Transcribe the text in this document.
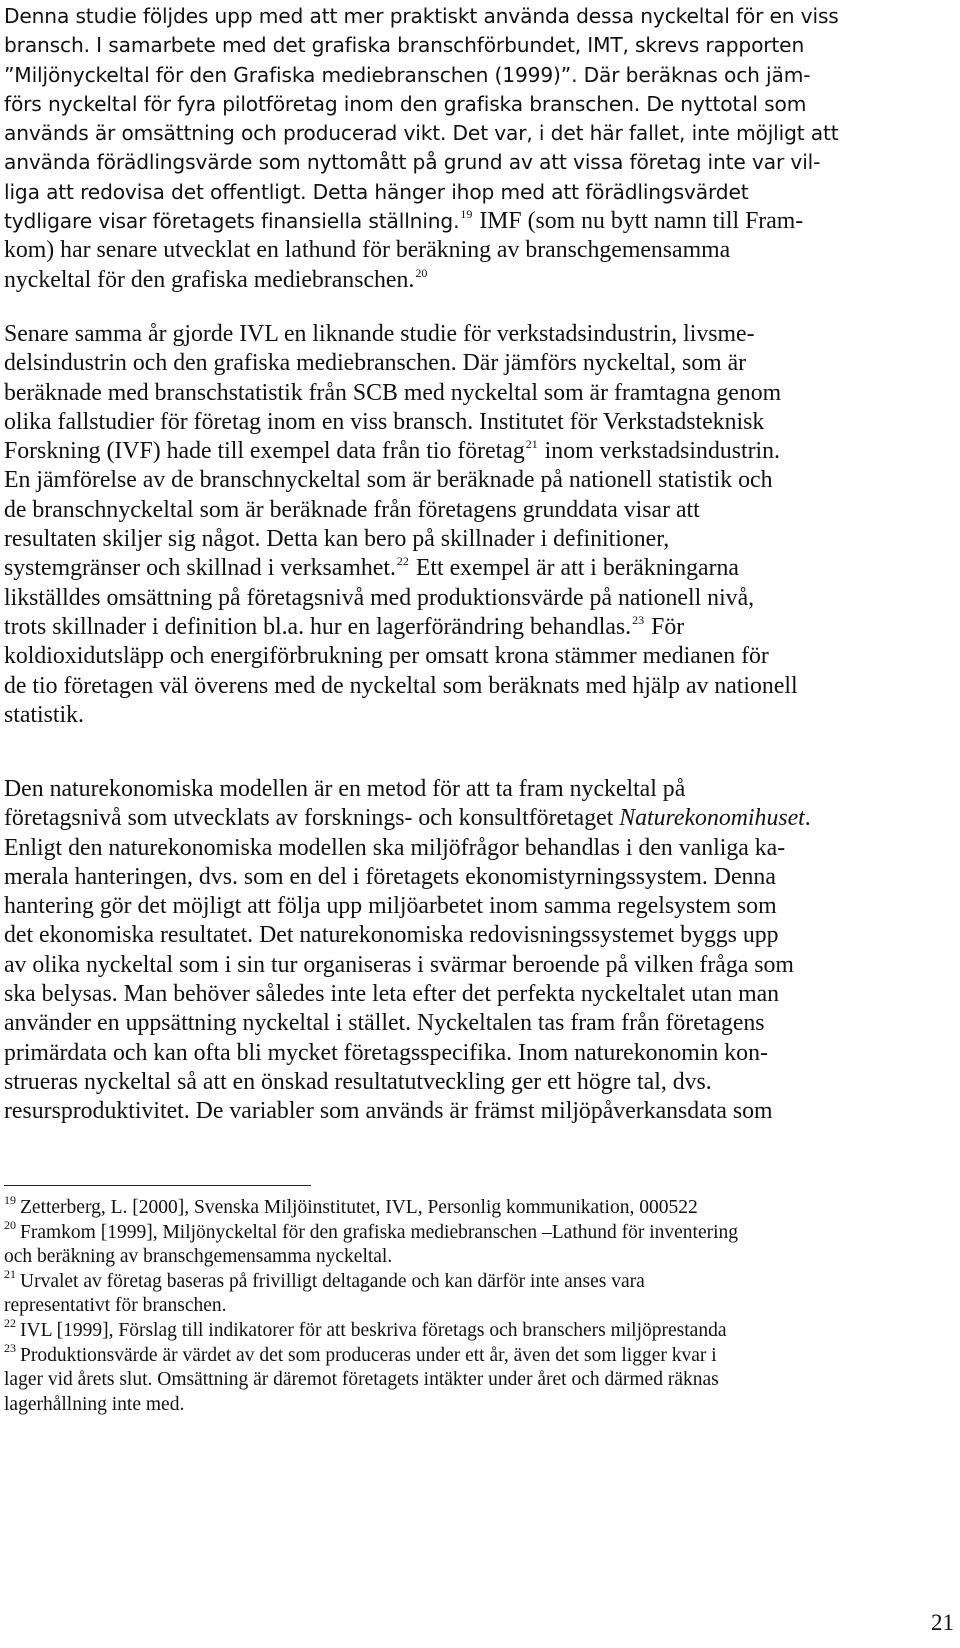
Denna studie följdes upp med att mer praktiskt använda dessa nyckeltal för en viss
bransch. I samarbete med det grafiska branschförbundet, IMT, skrevs rapporten
”Miljönyckeltal för den Grafiska mediebranschen (1999)”. Där beräknas och jäm-
förs nyckeltal för fyra pilotföretag inom den grafiska branschen. De nyttotal som
används är omsättning och producerad vikt. Det var, i det här fallet, inte möjligt att
använda förädlingsvärde som nyttomått på grund av att vissa företag inte var vil-
liga att redovisa det offentligt. Detta hänger ihop med att förädlingsvärdet
tydligare visar företagets finansiella ställning.$^{19}$ IMF (som nu bytt namn till Fram-
kom) har senare utvecklat en lathund för beräkning av branschgemensamma
nyckeltal för den grafiska mediebranschen.$^{20}$
Senare samma år gjorde IVL en liknande studie för verkstadsindustrin, livsme-
delsindustrin och den grafiska mediebranschen. Där jämförs nyckeltal, som är
beräknade med branschstatistik från SCB med nyckeltal som är framtagna genom
olika fallstudier för företag inom en viss bransch. Institutet för Verkstadsteknisk
Forskning (IVF) hade till exempel data från tio företag$^{21}$ inom verkstadsindustrin.
En jämförelse av de branschnyckeltal som är beräknade på nationell statistik och
de branschnyckeltal som är beräknade från företagens grunddata visar att
resultaten skiljer sig något. Detta kan bero på skillnader i definitioner,
systemgränser och skillnad i verksamhet.$^{22}$ Ett exempel är att i beräkningarna
likställdes omsättning på företagsnivå med produktionsvärde på nationell nivå,
trots skillnader i definition bl.a. hur en lagerförändring behandlas.$^{23}$ För
koldioxidutsläpp och energiförbrukning per omsatt krona stämmer medianen för
de tio företagen väl överens med de nyckeltal som beräknats med hjälp av nationell
statistik.
Den naturekonomiska modellen är en metod för att ta fram nyckeltal på
företagsnivå som utvecklats av forsknings- och konsultföretaget Naturekonomihuset.
Enligt den naturekonomiska modellen ska miljöfrågor behandlas i den vanliga ka-
merala hanteringen, dvs. som en del i företagets ekonomistyrningssystem. Denna
hantering gör det möjligt att följa upp miljöarbetet inom samma regelsystem som
det ekonomiska resultatet. Det naturekonomiska redovisningssystemet byggs upp
av olika nyckeltal som i sin tur organiseras i svärmar beroende på vilken fråga som
ska belysas. Man behöver således inte leta efter det perfekta nyckeltalet utan man
använder en uppsättning nyckeltal i stället. Nyckeltalen tas fram från företagens
primärdata och kan ofta bli mycket företagsspecifika. Inom naturekonomin kon-
strueras nyckeltal så att en önskad resultatutveckling ger ett högre tal, dvs.
resursproduktivitet. De variabler som används är främst miljöpåverkansdata som
$^{19}$ Zetterberg, L. [2000], Svenska Miljöinstitutet, IVL, Personlig kommunikation, 000522
$^{20}$ Framkom [1999], Miljönyckeltal för den grafiska mediebranschen –Lathund för inventering
och beräkning av branschgemensamma nyckeltal.
$^{21}$ Urvalet av företag baseras på frivilligt deltagande och kan därför inte anses vara
representativt för branschen.
$^{22}$ IVL [1999], Förslag till indikatorer för att beskriva företags och branschers miljöprestanda
$^{23}$ Produktionsvärde är värdet av det som produceras under ett år, även det som ligger kvar i
lager vid årets slut. Omsättning är däremot företagets intäkter under året och därmed räknas
lagerhållning inte med.
21
